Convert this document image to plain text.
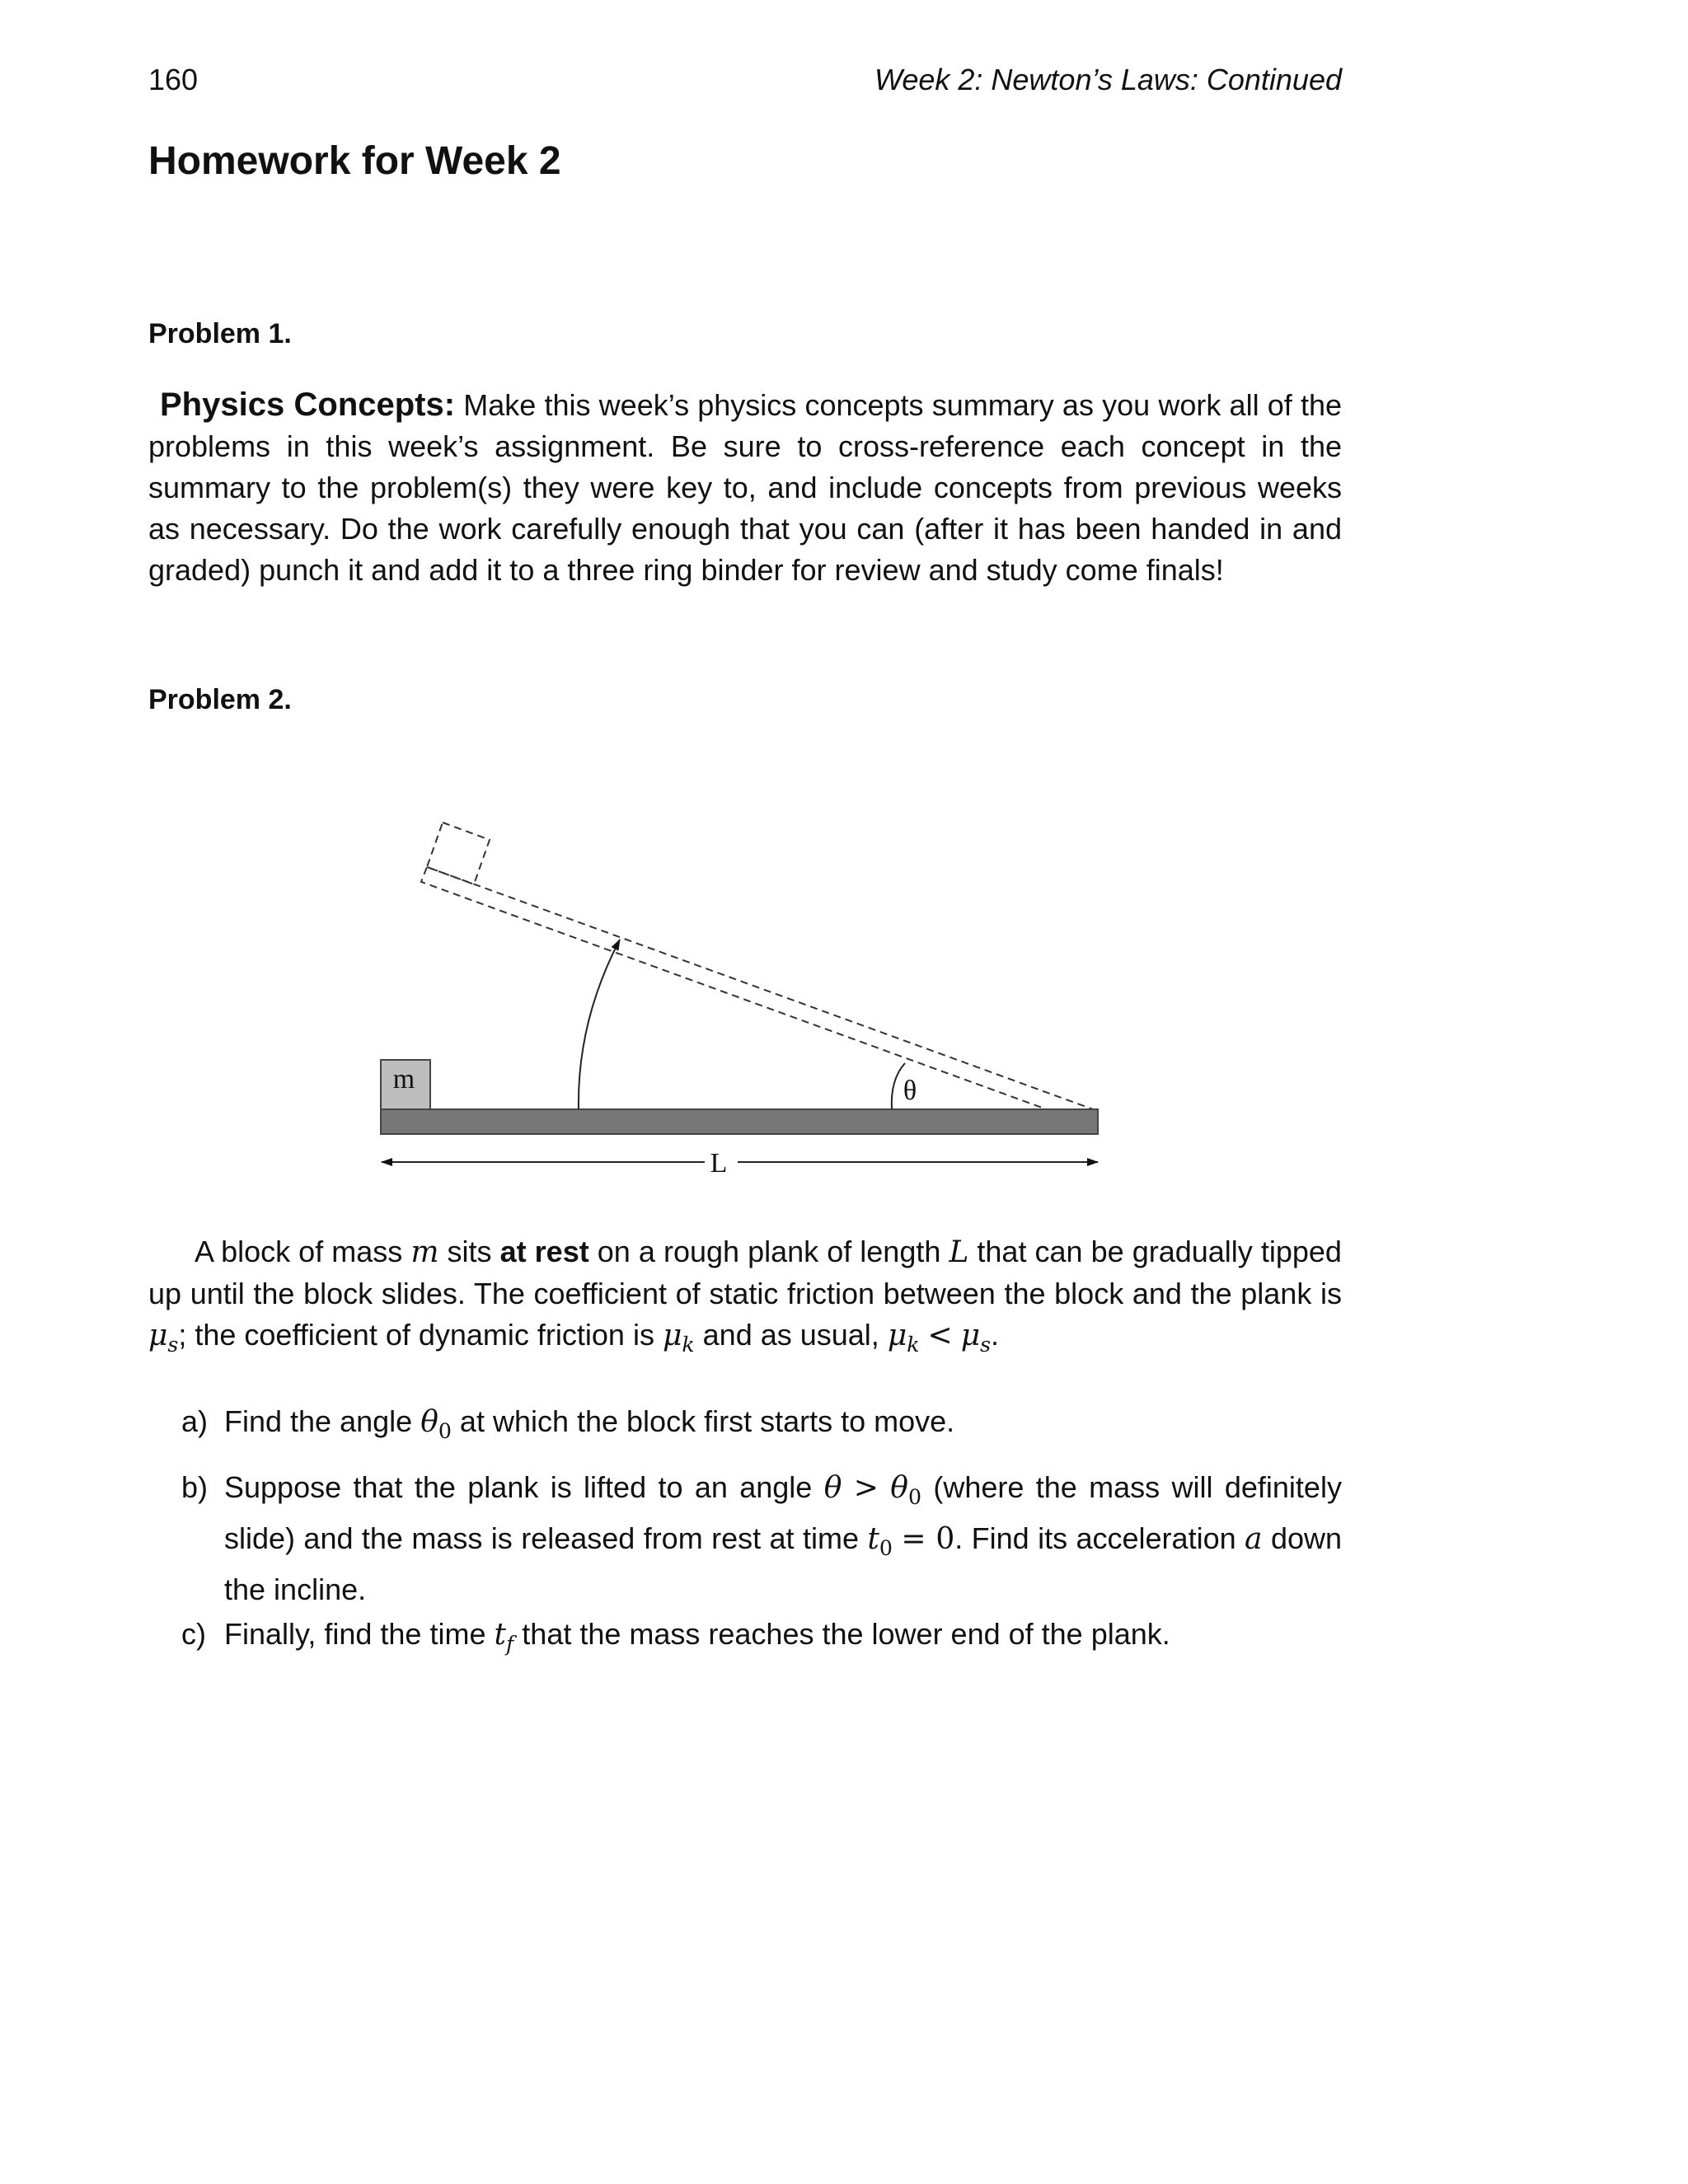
160	Week 2: Newton’s Laws: Continued
Homework for Week 2
Problem 1.

Physics Concepts: Make this week’s physics concepts summary as you work all of the problems in this week’s assignment. Be sure to cross-reference each concept in the summary to the problem(s) they were key to, and include concepts from previous weeks as necessary. Do the work carefully enough that you can (after it has been handed in and graded) punch it and add it to a three ring binder for review and study come finals!

Problem 2.
m	θ
L

A block of mass m sits at rest on a rough plank of length L that can be gradually tipped up until the block slides. The coefficient of static friction between the block and the plank is $\mu_s$; the coefficient of dynamic friction is $\mu_k$ and as usual, $\mu_k < \mu_s$.

a) Find the angle $\theta_0$ at which the block first starts to move.
b) Suppose that the plank is lifted to an angle $\theta > \theta_0$ (where the mass will definitely slide) and the mass is released from rest at time $t_0 = 0$. Find its acceleration a down the incline.
c) Finally, find the time $t_f$ that the mass reaches the lower end of the plank.
